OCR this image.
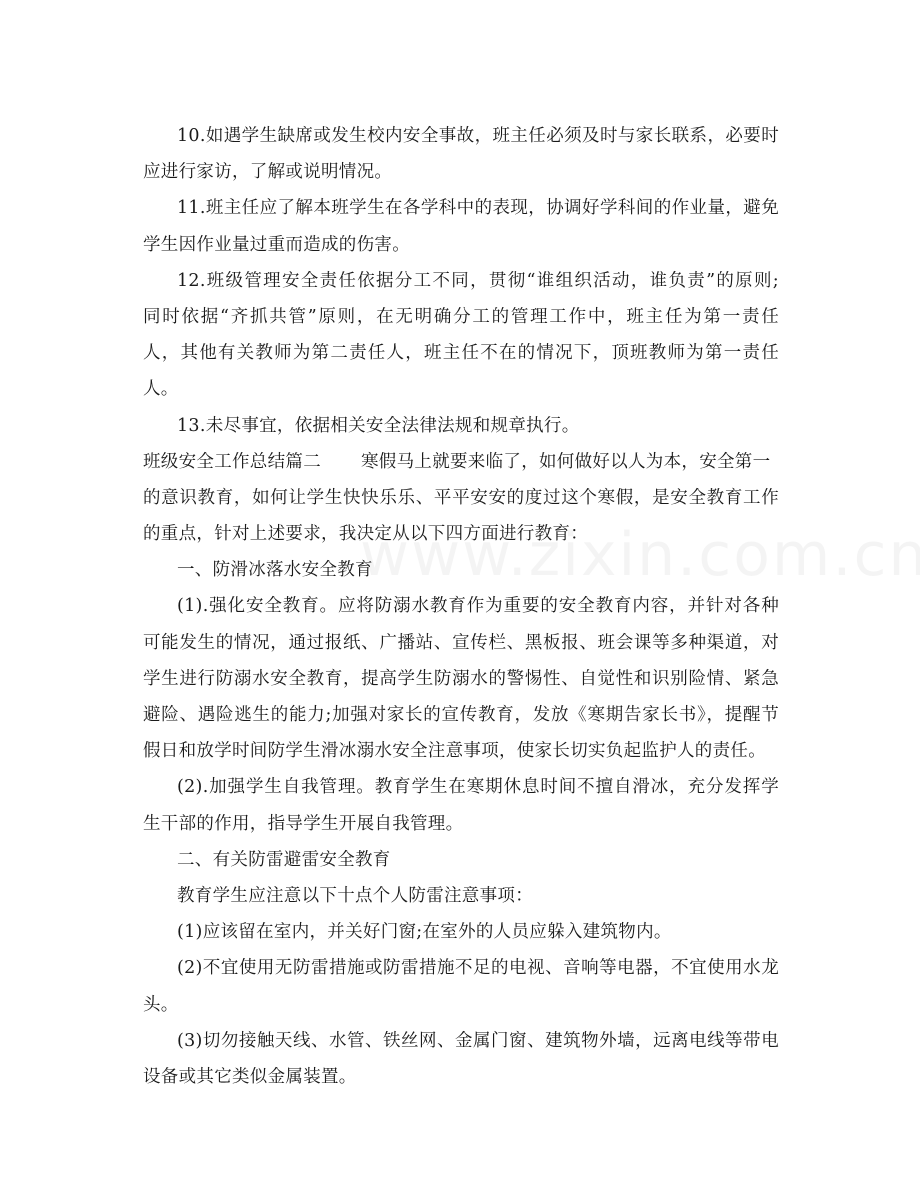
10.如遇学生缺席或发生校内安全事故，班主任必须及时与家长联系，必要时
应进行家访，了解或说明情况。
11.班主任应了解本班学生在各学科中的表现，协调好学科间的作业量，避免
学生因作业量过重而造成的伤害。
12.班级管理安全责任依据分工不同，贯彻“谁组织活动，谁负责”的原则;
同时依据“齐抓共管”原则，在无明确分工的管理工作中，班主任为第一责任
人，其他有关教师为第二责任人，班主任不在的情况下，顶班教师为第一责任
人。
13.未尽事宜，依据相关安全法律法规和规章执行。
班级安全工作总结篇二 寒假马上就要来临了，如何做好以人为本，安全第一
的意识教育，如何让学生快快乐乐、平平安安的度过这个寒假，是安全教育工作
的重点，针对上述要求，我决定从以下四方面进行教育：
一、防滑冰落水安全教育
(1).强化安全教育。应将防溺水教育作为重要的安全教育内容，并针对各种
可能发生的情况，通过报纸、广播站、宣传栏、黑板报、班会课等多种渠道，对
学生进行防溺水安全教育，提高学生防溺水的警惕性、自觉性和识别险情、紧急
避险、遇险逃生的能力;加强对家长的宣传教育，发放《寒期告家长书》，提醒节
假日和放学时间防学生滑冰溺水安全注意事项，使家长切实负起监护人的责任。
(2).加强学生自我管理。教育学生在寒期休息时间不擅自滑冰，充分发挥学
生干部的作用，指导学生开展自我管理。
二、有关防雷避雷安全教育
教育学生应注意以下十点个人防雷注意事项：
(1)应该留在室内，并关好门窗;在室外的人员应躲入建筑物内。
(2)不宜使用无防雷措施或防雷措施不足的电视、音响等电器，不宜使用水龙
头。
(3)切勿接触天线、水管、铁丝网、金属门窗、建筑物外墙，远离电线等带电
设备或其它类似金属装置。
